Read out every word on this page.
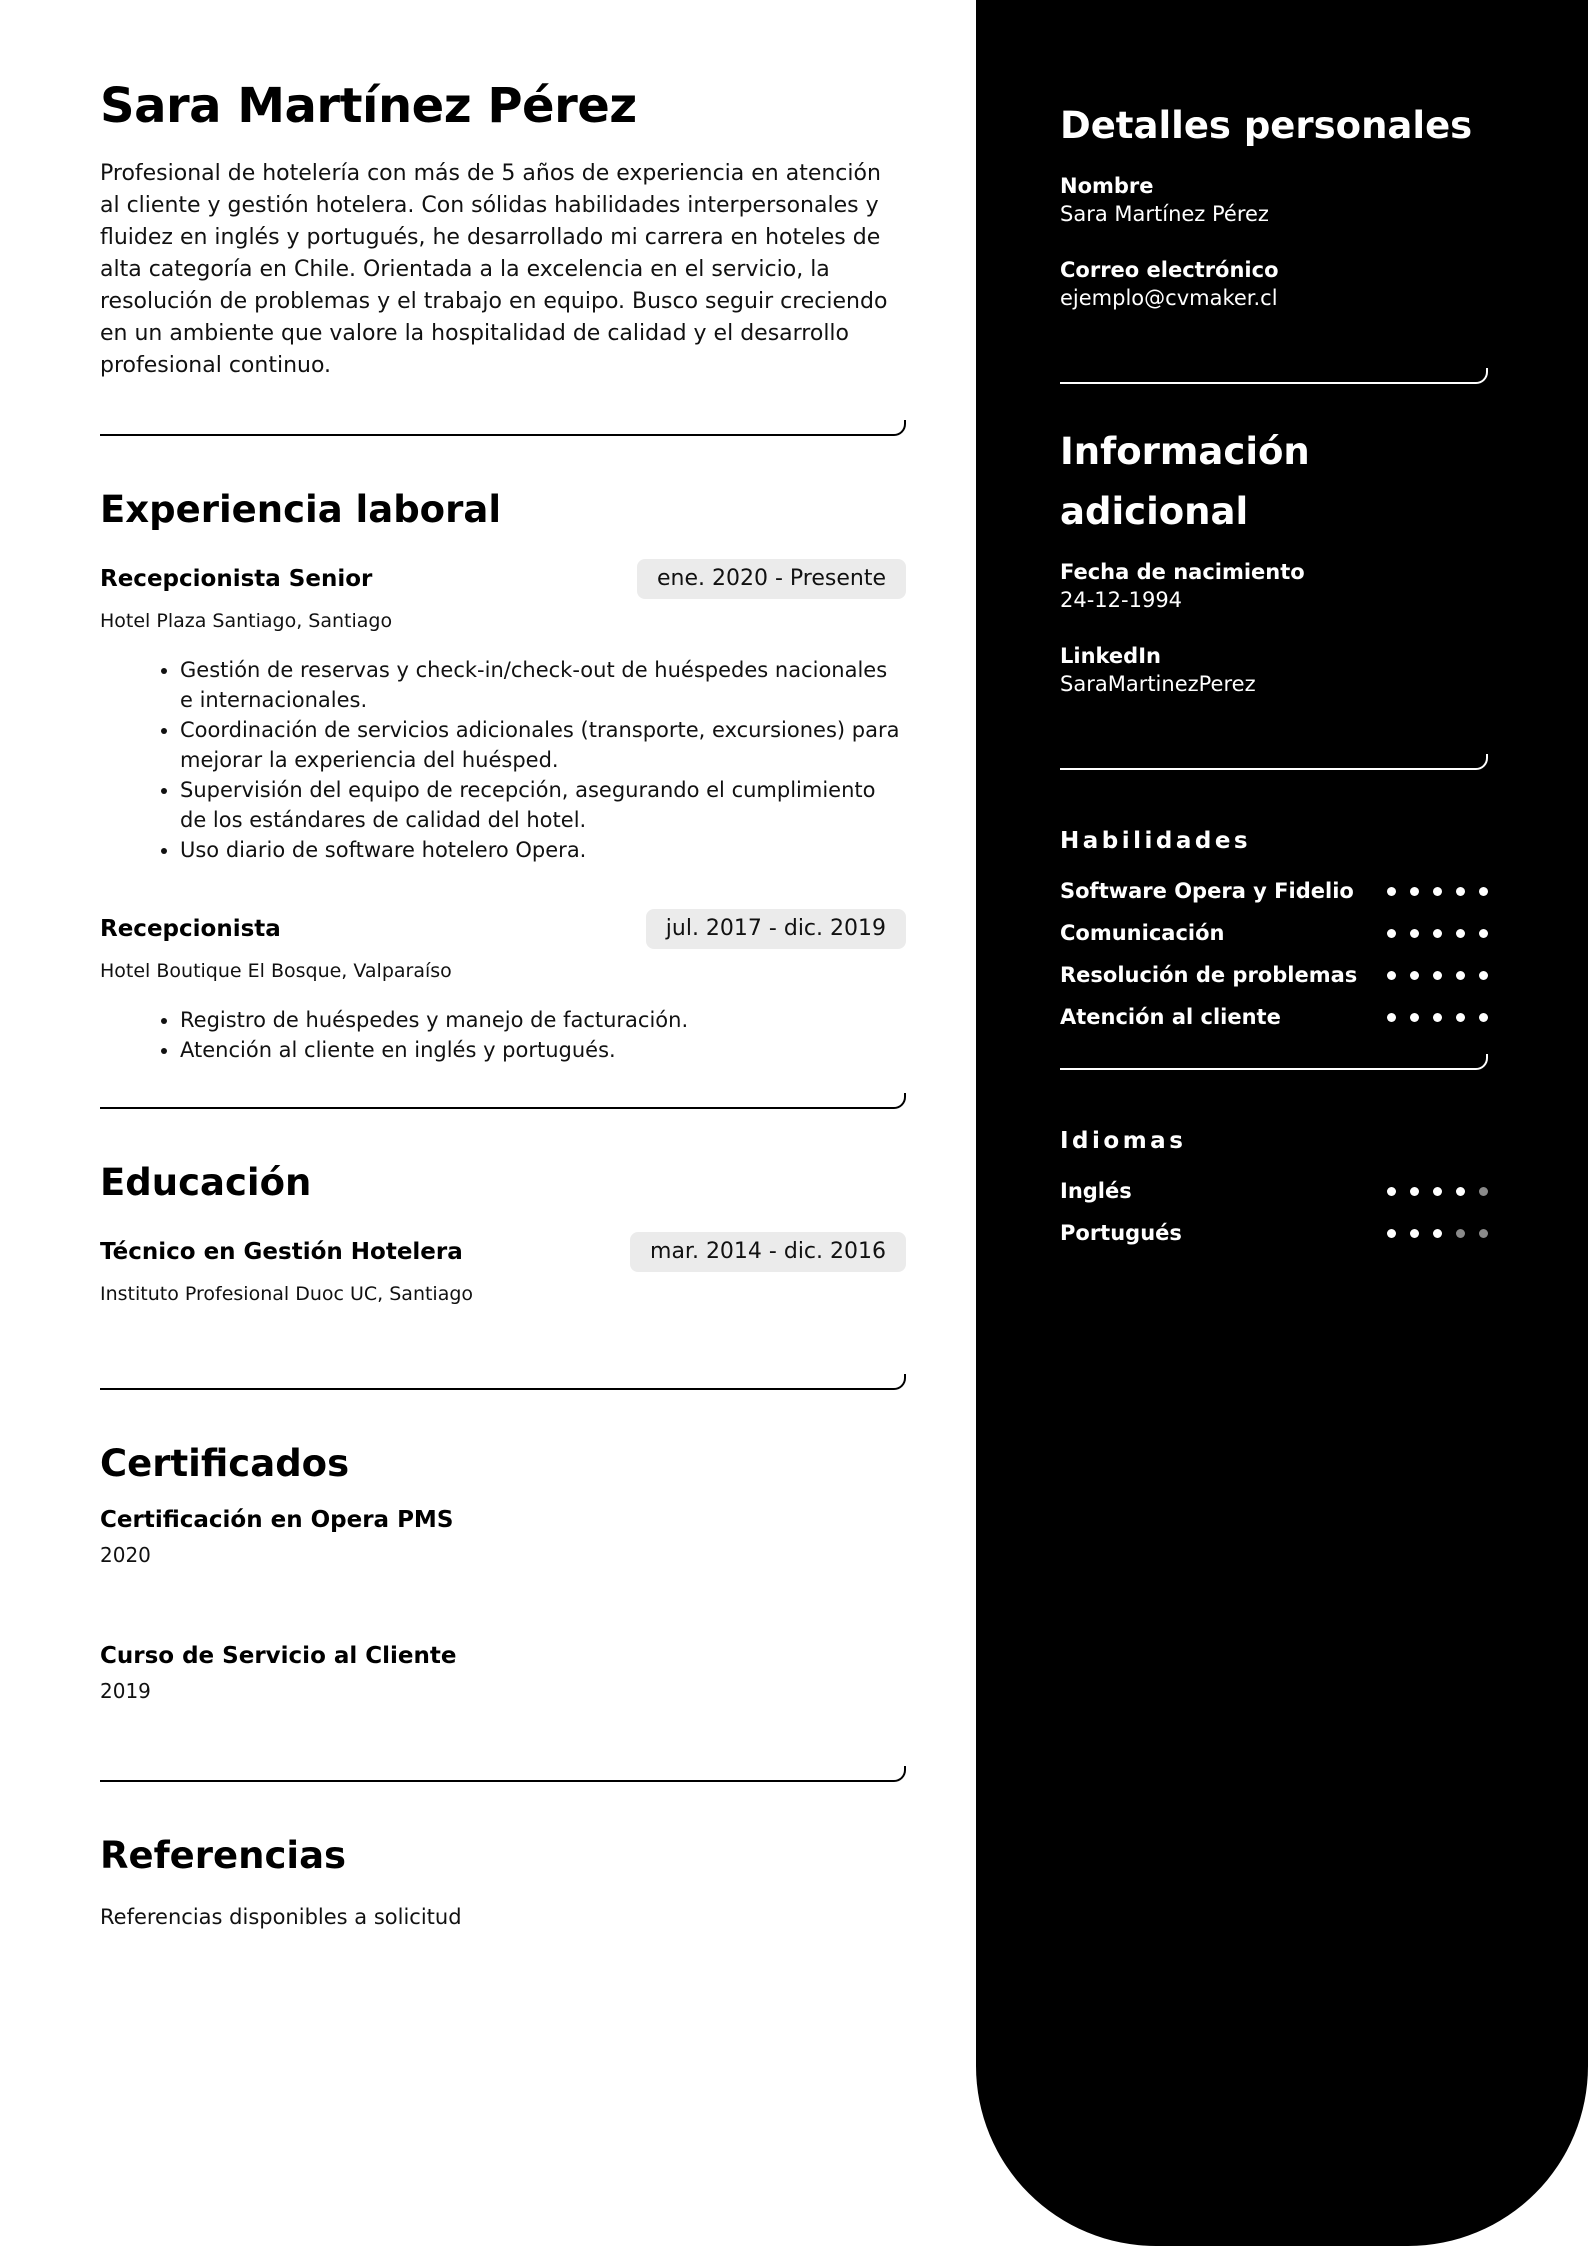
Sara Martínez Pérez

Profesional de hotelería con más de 5 años de experiencia en atención al cliente y gestión hotelera. Con sólidas habilidades interpersonales y fluidez en inglés y portugués, he desarrollado mi carrera en hoteles de alta categoría en Chile. Orientada a la excelencia en el servicio, la resolución de problemas y el trabajo en equipo. Busco seguir creciendo en un ambiente que valore la hospitalidad de calidad y el desarrollo profesional continuo.

Experiencia laboral
Recepcionista Senior	ene. 2020 - Presente
Hotel Plaza Santiago, Santiago
• Gestión de reservas y check-in/check-out de huéspedes nacionales e internacionales.
• Coordinación de servicios adicionales (transporte, excursiones) para mejorar la experiencia del huésped.
• Supervisión del equipo de recepción, asegurando el cumplimiento de los estándares de calidad del hotel.
• Uso diario de software hotelero Opera.
Recepcionista	jul. 2017 - dic. 2019
Hotel Boutique El Bosque, Valparaíso
• Registro de huéspedes y manejo de facturación.
• Atención al cliente en inglés y portugués.
Educación
Técnico en Gestión Hotelera	mar. 2014 - dic. 2016
Instituto Profesional Duoc UC, Santiago
Certificados
Certificación en Opera PMS
2020
Curso de Servicio al Cliente
2019
Referencias

Referencias disponibles a solicitud

Detalles personales
Nombre
Sara Martínez Pérez
Correo electrónico
ejemplo@cvmaker.cl
Información adicional
Fecha de nacimiento
24-12-1994
LinkedIn
SaraMartinezPerez
Habilidades
Software Opera y Fidelio
Comunicación
Resolución de problemas
Atención al cliente
Idiomas
Inglés
Portugués
